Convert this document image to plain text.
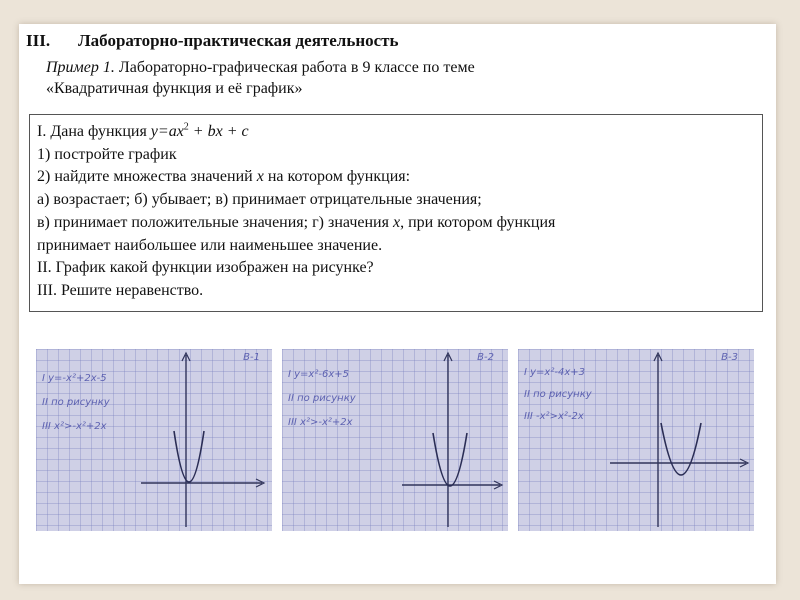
III. Лабораторно-практическая деятельность
Пример 1. Лабораторно-графическая работа в 9 классе по теме
«Квадратичная функция и её график»
I. Дана функция $y=ax^2$ + bx + c
1) постройте график
2) найдите множества значений x на котором функция:
а) возрастает; б) убывает; в) принимает отрицательные значения;
в) принимает положительные значения; г) значения x, при котором функция
принимает наибольшее или наименьшее значение.
II. График какой функции изображен на рисунке?
III. Решите неравенство.
В-1
I y=-x²+2x-5
II по рисунку
III x²>-x²+2x
В-2
I y=x²-6x+5
II по рисунку
III x²>-x²+2x
В-3
I y=x²-4x+3
II по рисунку
III -x²>x²-2x
